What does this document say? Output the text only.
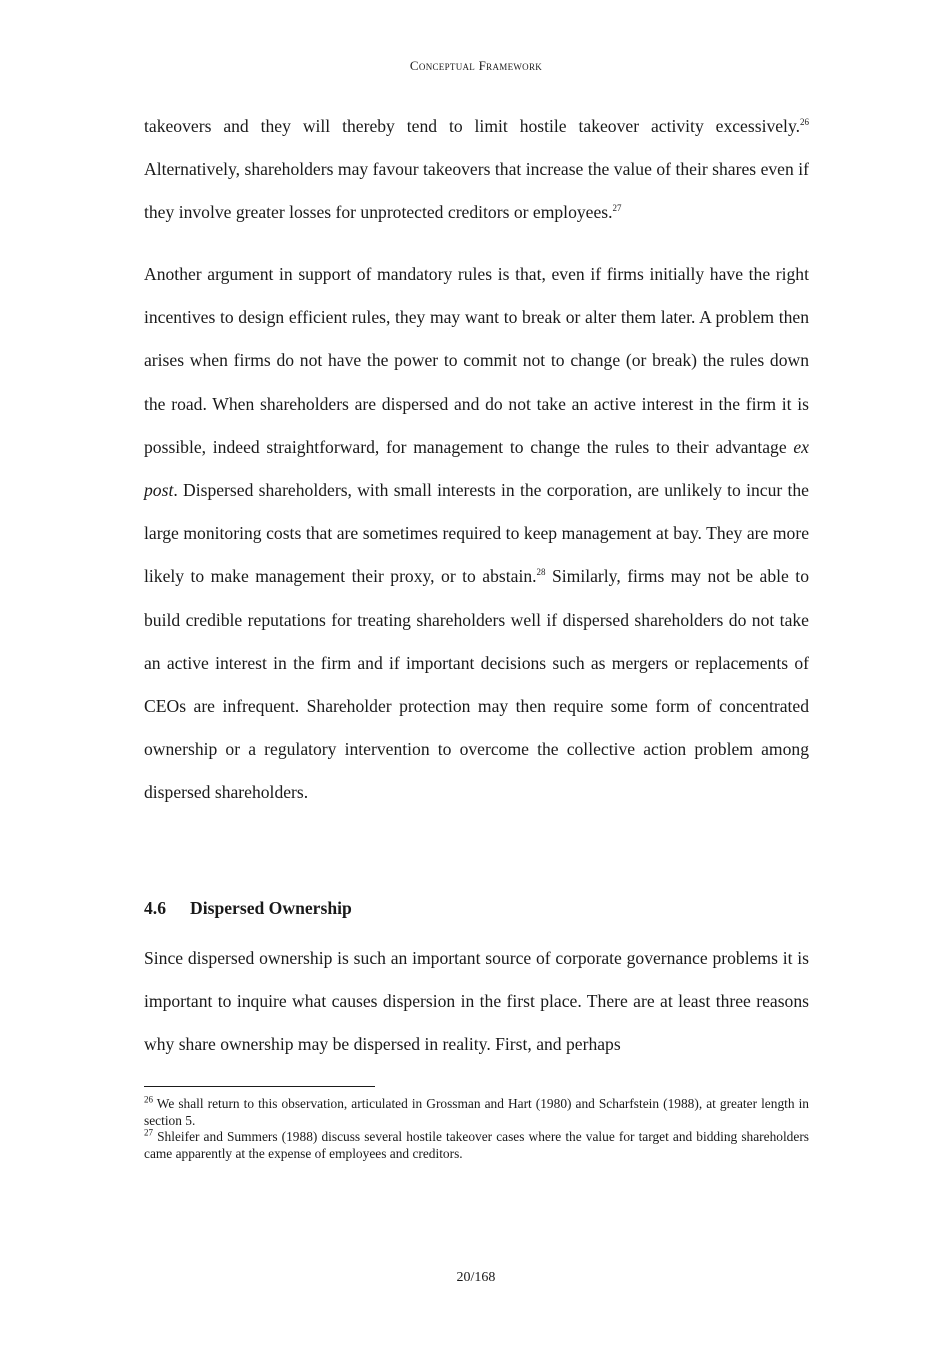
Conceptual Framework

takeovers and they will thereby tend to limit hostile takeover activity excessively.$^{26}$ Alternatively, shareholders may favour takeovers that increase the value of their shares even if they involve greater losses for unprotected creditors or employees.$^{27}$

Another argument in support of mandatory rules is that, even if firms initially have the right incentives to design efficient rules, they may want to break or alter them later. A problem then arises when firms do not have the power to commit not to change (or break) the rules down the road. When shareholders are dispersed and do not take an active interest in the firm it is possible, indeed straightforward, for management to change the rules to their advantage ex post. Dispersed shareholders, with small interests in the corporation, are unlikely to incur the large monitoring costs that are sometimes required to keep management at bay. They are more likely to make management their proxy, or to abstain.$^{28}$ Similarly, firms may not be able to build credible reputations for treating shareholders well if dispersed shareholders do not take an active interest in the firm and if important decisions such as mergers or replacements of CEOs are infrequent. Shareholder protection may then require some form of concentrated ownership or a regulatory intervention to overcome the collective action problem among dispersed shareholders.

4.6 Dispersed Ownership

Since dispersed ownership is such an important source of corporate governance problems it is important to inquire what causes dispersion in the first place. There are at least three reasons why share ownership may be dispersed in reality. First, and perhaps

$^{26}$ We shall return to this observation, articulated in Grossman and Hart (1980) and Scharfstein (1988), at greater length in section 5.

$^{27}$ Shleifer and Summers (1988) discuss several hostile takeover cases where the value for target and bidding shareholders came apparently at the expense of employees and creditors.

20/168
